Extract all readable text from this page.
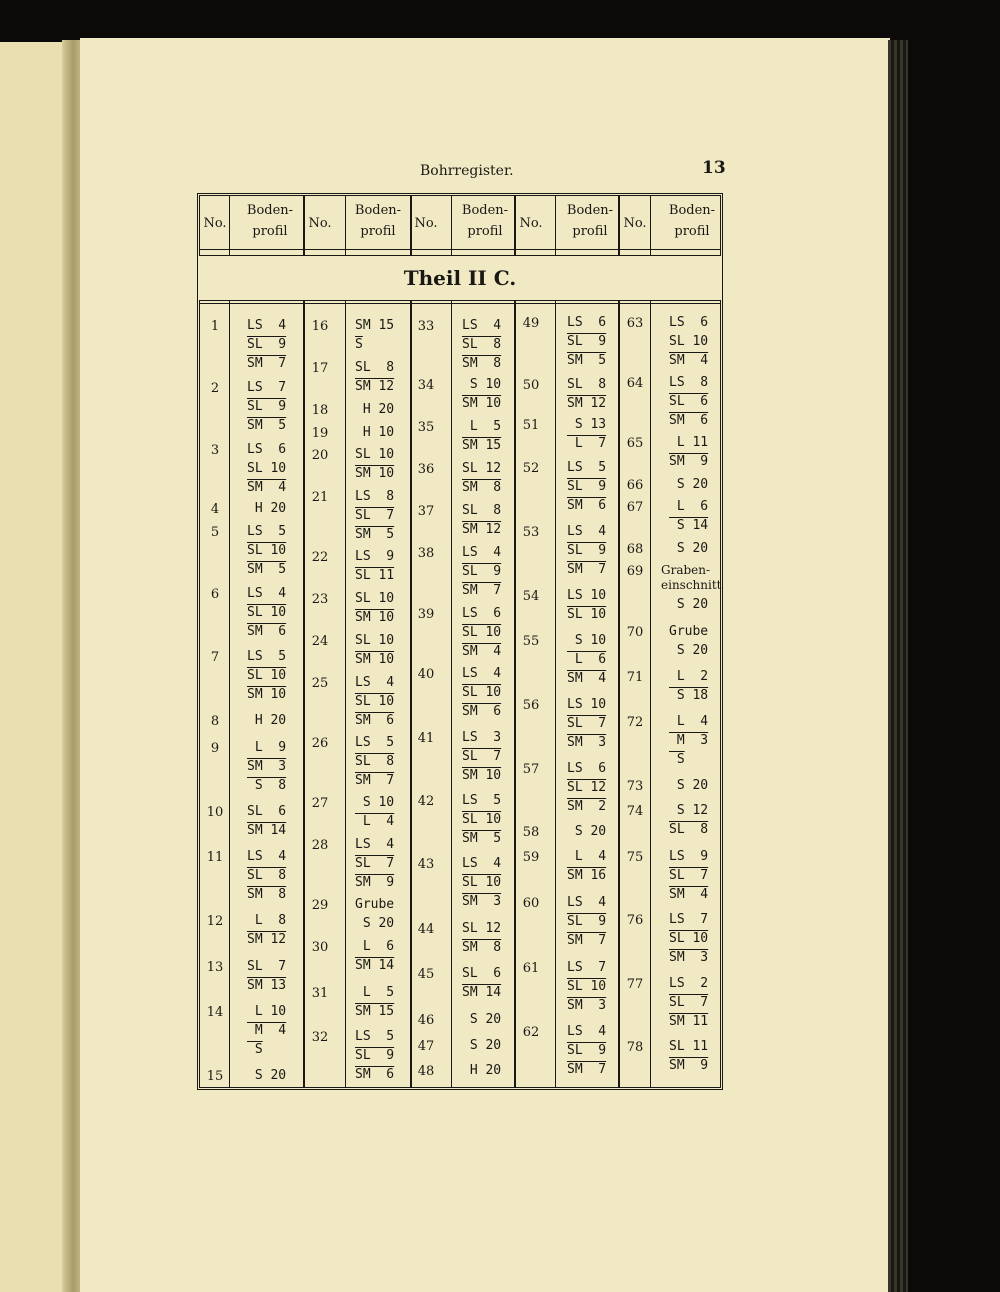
Bohrregister.	13
Theil II C.
No.
Boden-
profil
No.
Boden-
profil
No.
Boden-
profil
No.
Boden-
profil
No.
Boden-
profil
1
2
3
4
5
6
7
8
9
10
11
12
13
14
15
16
17
18
19
20
21
22
23
24
25
26
27
28
29
30
31
32
33
34
35
36
37
38
39
40
41
42
43
44
45
46
47
48
49
50
51
52
53
54
55
56
57
58
59
60
61
62
63
64
65
66
67
68
69
70
71
72
73
74
75
76
77
78
LS  4
SL  9
SM  7
LS  7
SL  9
SM  5
LS  6
SL 10
SM  4
H 20
LS  5
SL 10
SM  5
LS  4
SL 10
SM  6
LS  5
SL 10
SM 10
H 20
L  9
SM  3
S  8
SL  6
SM 14
LS  4
SL  8
SM  8
L  8
SM 12
SL  7
SM 13
L 10
M  4
S
S 20
SM 15
$\overline{S}$
SL  8
SM 12
H 20
H 10
SL 10
SM 10
LS  8
SL  7
SM  5
LS  9
SL 11
SL 10
SM 10
SL 10
SM 10
LS  4
SL 10
SM  6
LS  5
SL  8
SM  7
S 10
L  4
LS  4
SL  7
SM  9
Grube
S 20
L  6
SM 14
L  5
SM 15
LS  5
SL  9
SM  6
LS  4
SL  8
SM  8
S 10
SM 10
L  5
SM 15
SL 12
SM  8
SL  8
SM 12
LS  4
SL  9
SM  7
LS  6
SL 10
SM  4
LS  4
SL 10
SM  6
LS  3
SL  7
SM 10
LS  5
SL 10
SM  5
LS  4
SL 10
SM  3
SL 12
SM  8
SL  6
SM 14
S 20
S 20
H 20
LS  6
SL  9
SM  5
SL  8
SM 12
S 13
L  7
LS  5
SL  9
SM  6
LS  4
SL  9
SM  7
LS 10
SL 10
S 10
L  6
SM  4
LS 10
SL  7
SM  3
LS  6
SL 12
SM  2
S 20
L  4
SM 16
LS  4
SL  9
SM  7
LS  7
SL 10
SM  3
LS  4
SL  9
SM  7
LS  6
SL 10
SM  4
LS  8
SL  6
SM  6
L 11
SM  9
S 20
L  6
S 14
S 20
Graben-
einschnitt
S 20
Grube
S 20
L  2
S 18
L  4
M  3
S
S 20
S 12
SL  8
LS  9
SL  7
SM  4
LS  7
SL 10
SM  3
LS  2
SL  7
SM 11
SL 11
SM  9
